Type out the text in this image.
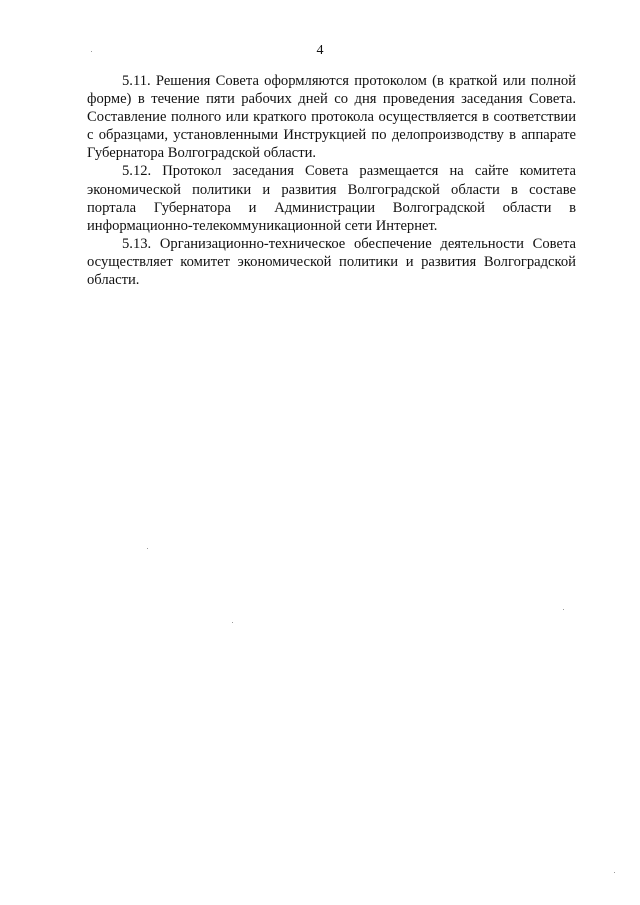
4

5.11. Решения Совета оформляются протоколом (в краткой или полной форме) в течение пяти рабочих дней со дня проведения заседания Совета. Составление полного или краткого протокола осуществляется в соответствии с образцами, установленными Инструкцией по делопроизводству в аппарате Губернатора Волгоградской области.

5.12. Протокол заседания Совета размещается на сайте комитета экономической политики и развития Волгоградской области в составе портала Губернатора и Администрации Волгоградской области в информационно-телекоммуникационной сети Интернет.

5.13. Организационно-техническое обеспечение деятельности Совета осуществляет комитет экономической политики и развития Волгоградской области.
